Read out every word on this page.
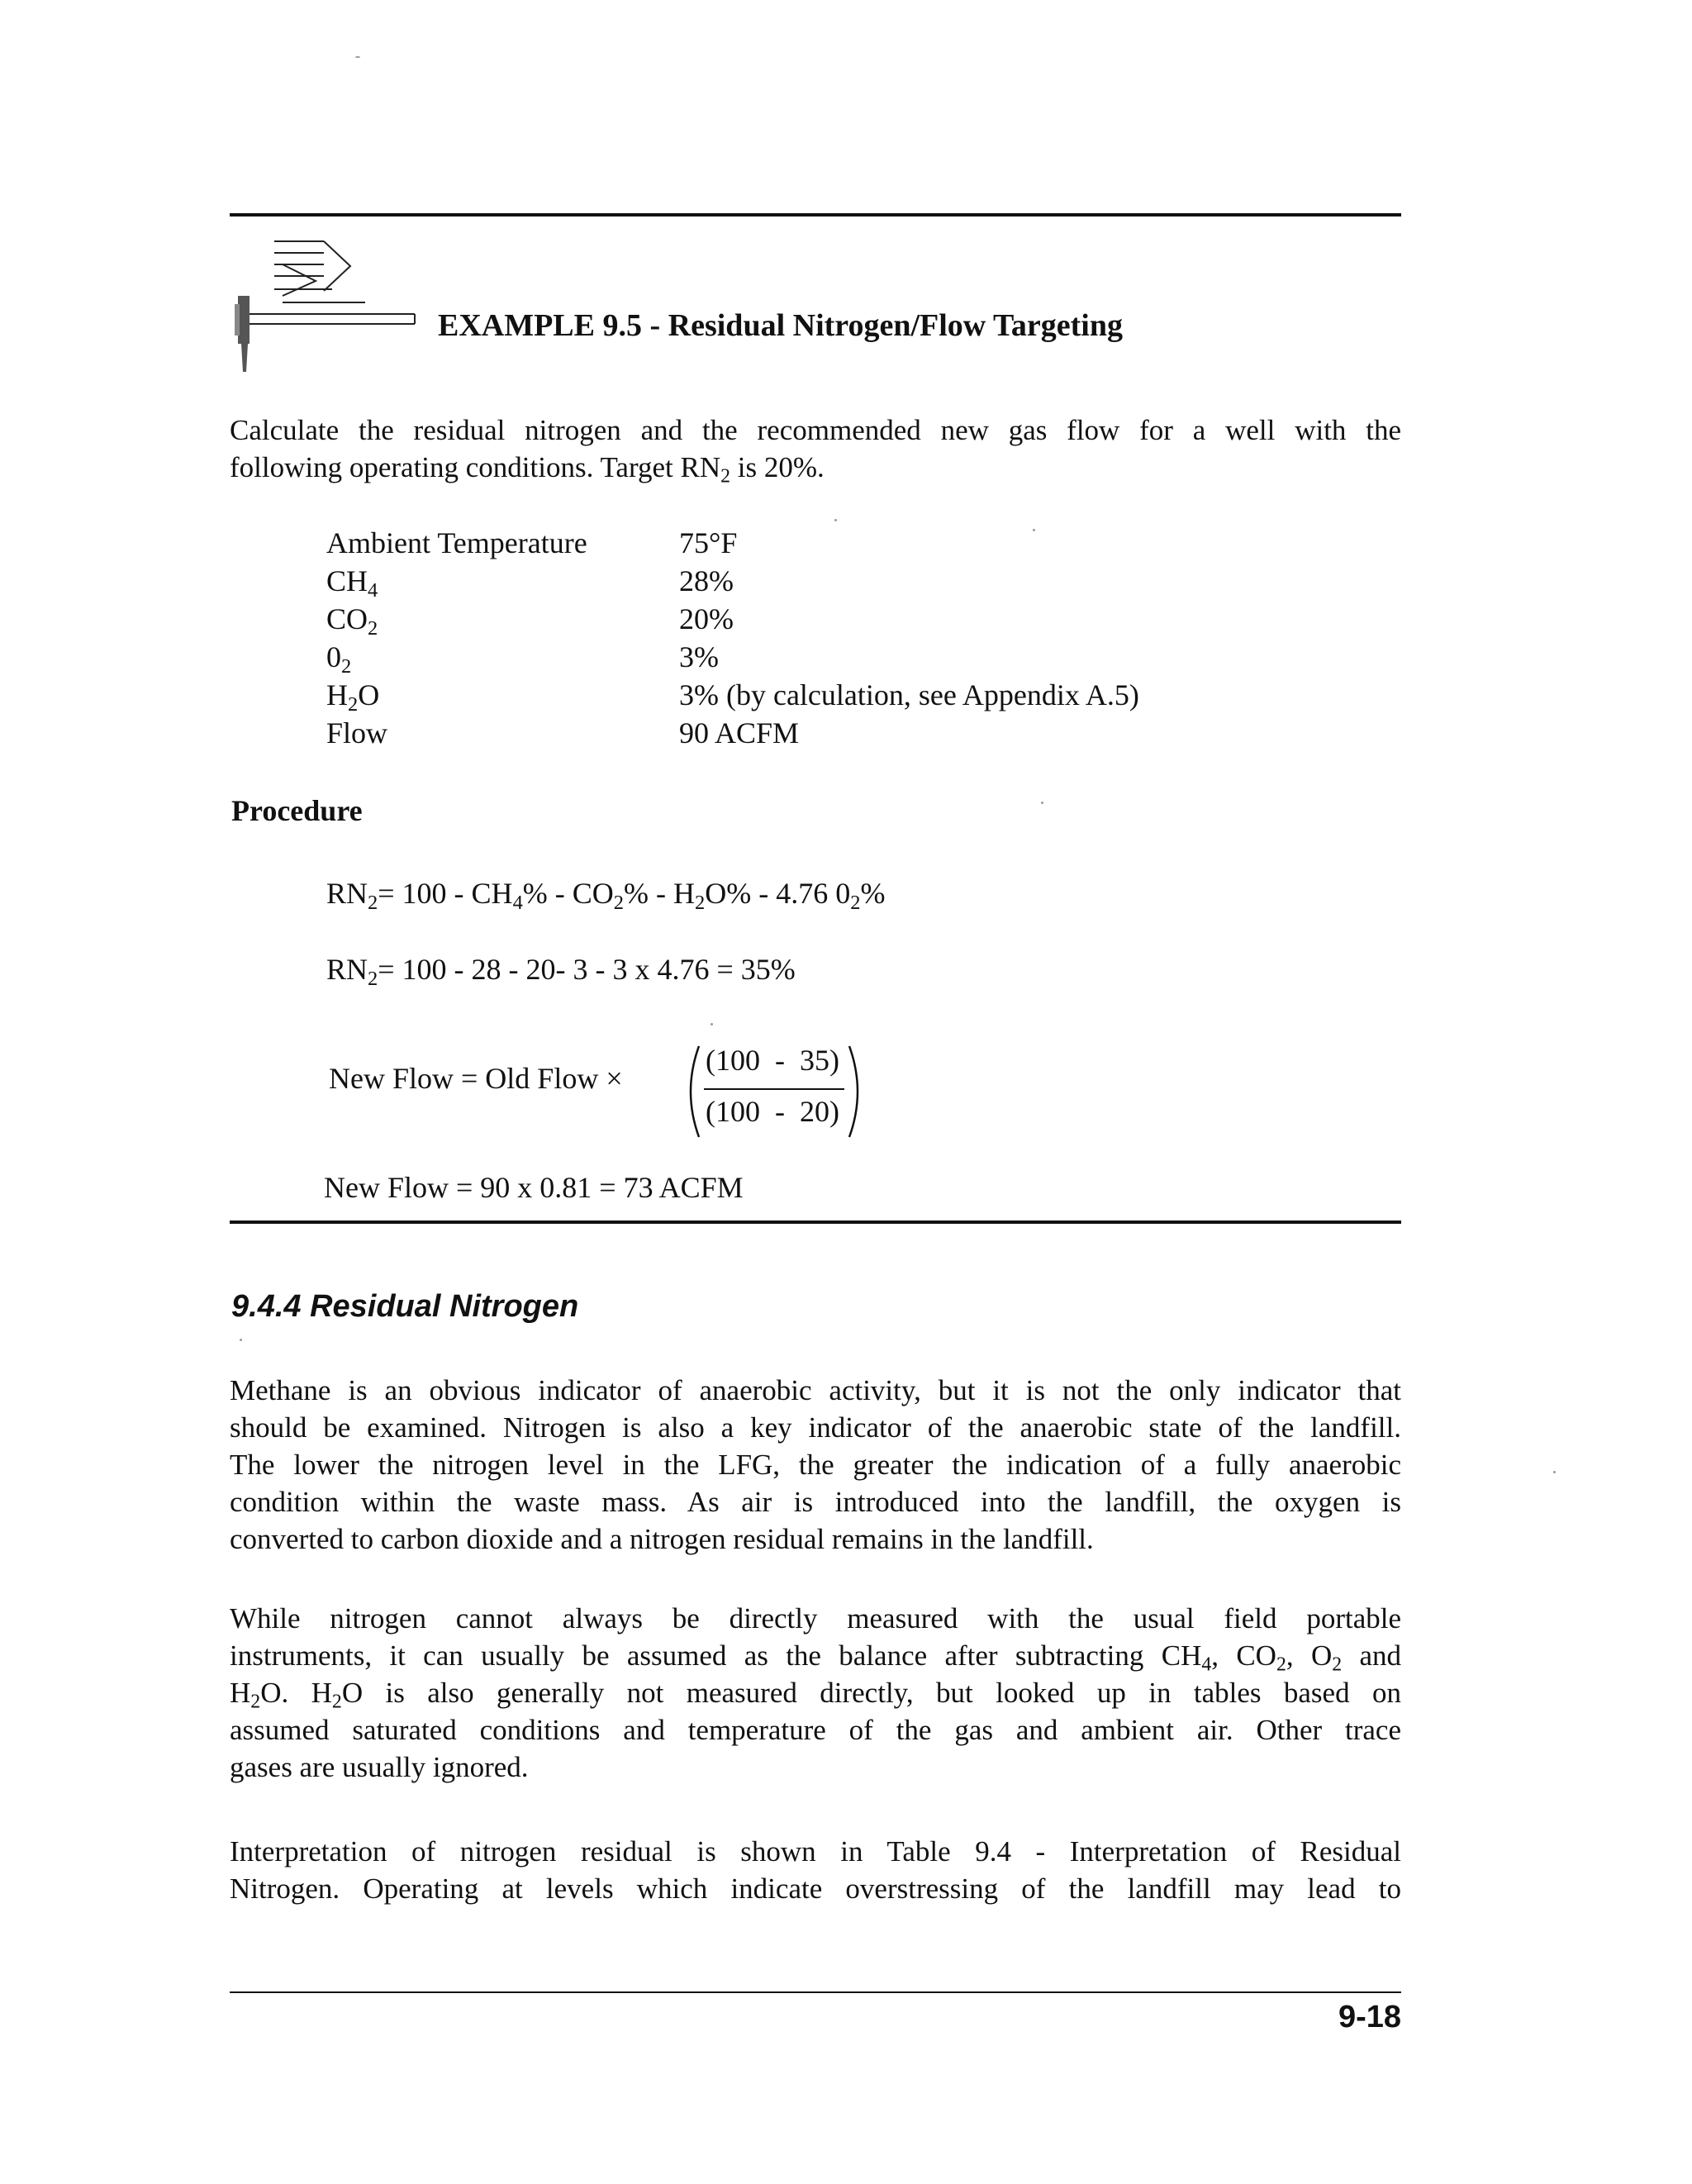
EXAMPLE 9.5 - Residual Nitrogen/Flow Targeting
Calculate the residual nitrogen and the recommended new gas flow for a well with the
following operating conditions. Target $RN_2$ is 20%.
Ambient Temperature	75°F
$CH_4$	28%
$CO_2$	20%
$0_2$	3%
$H_2O$	3% (by calculation, see Appendix A.5)
Flow	90 ACFM
Procedure
$RN_2= 100 - CH_4\% - CO_2\% - H_2O\% - 4.76$ $0_2\%$
$RN_2= 100 - 28 - 20-$ 3 - 3 x 4.76 = 35%
New Flow = Old Flow ×
(100  -  35)
(100  -  20)
New Flow = 90 x 0.81 = 73 ACFM
9.4.4 Residual Nitrogen
Methane is an obvious indicator of anaerobic activity, but it is not the only indicator that
should be examined. Nitrogen is also a key indicator of the anaerobic state of the landfill.
The lower the nitrogen level in the LFG, the greater the indication of a fully anaerobic
condition within the waste mass. As air is introduced into the landfill, the oxygen is
converted to carbon dioxide and a nitrogen residual remains in the landfill.
While nitrogen cannot always be directly measured with the usual field portable
instruments, it can usually be assumed as the balance after subtracting $CH_4$, $CO_2$, $O_2$ and
$H_2O$. $H_2O$ is also generally not measured directly, but looked up in tables based on
assumed saturated conditions and temperature of the gas and ambient air. Other trace
gases are usually ignored.
Interpretation of nitrogen residual is shown in Table 9.4 - Interpretation of Residual
Nitrogen. Operating at levels which indicate overstressing of the landfill may lead to
9-18
